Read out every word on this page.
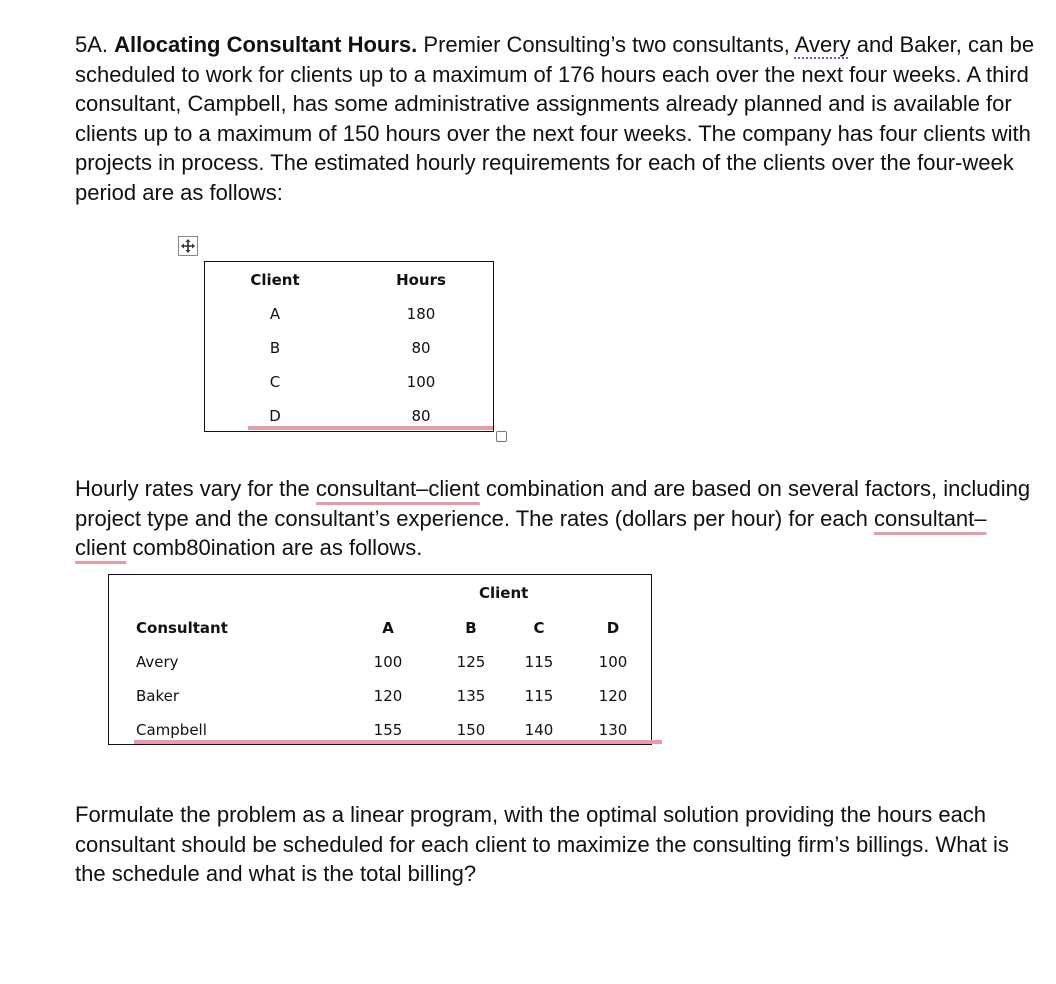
5A. Allocating Consultant Hours. Premier Consulting’s two consultants, Avery and Baker, can be scheduled to work for clients up to a maximum of 176 hours each over the next four weeks. A third consultant, Campbell, has some administrative assignments already planned and is available for clients up to a maximum of 150 hours over the next four weeks. The company has four clients with projects in process. The estimated hourly requirements for each of the clients over the four-week period are as follows:

Client	Hours
A	180
B	80
C	100
D	80

Hourly rates vary for the consultant–client combination and are based on several factors, including project type and the consultant’s experience. The rates (dollars per hour) for each consultant–client comb80ination are as follows.

Client
Consultant	A	B	C	D
Avery	100	125	115	100
Baker	120	135	115	120
Campbell	155	150	140	130

Formulate the problem as a linear program, with the optimal solution providing the hours each consultant should be scheduled for each client to maximize the consulting firm’s billings. What is the schedule and what is the total billing?
